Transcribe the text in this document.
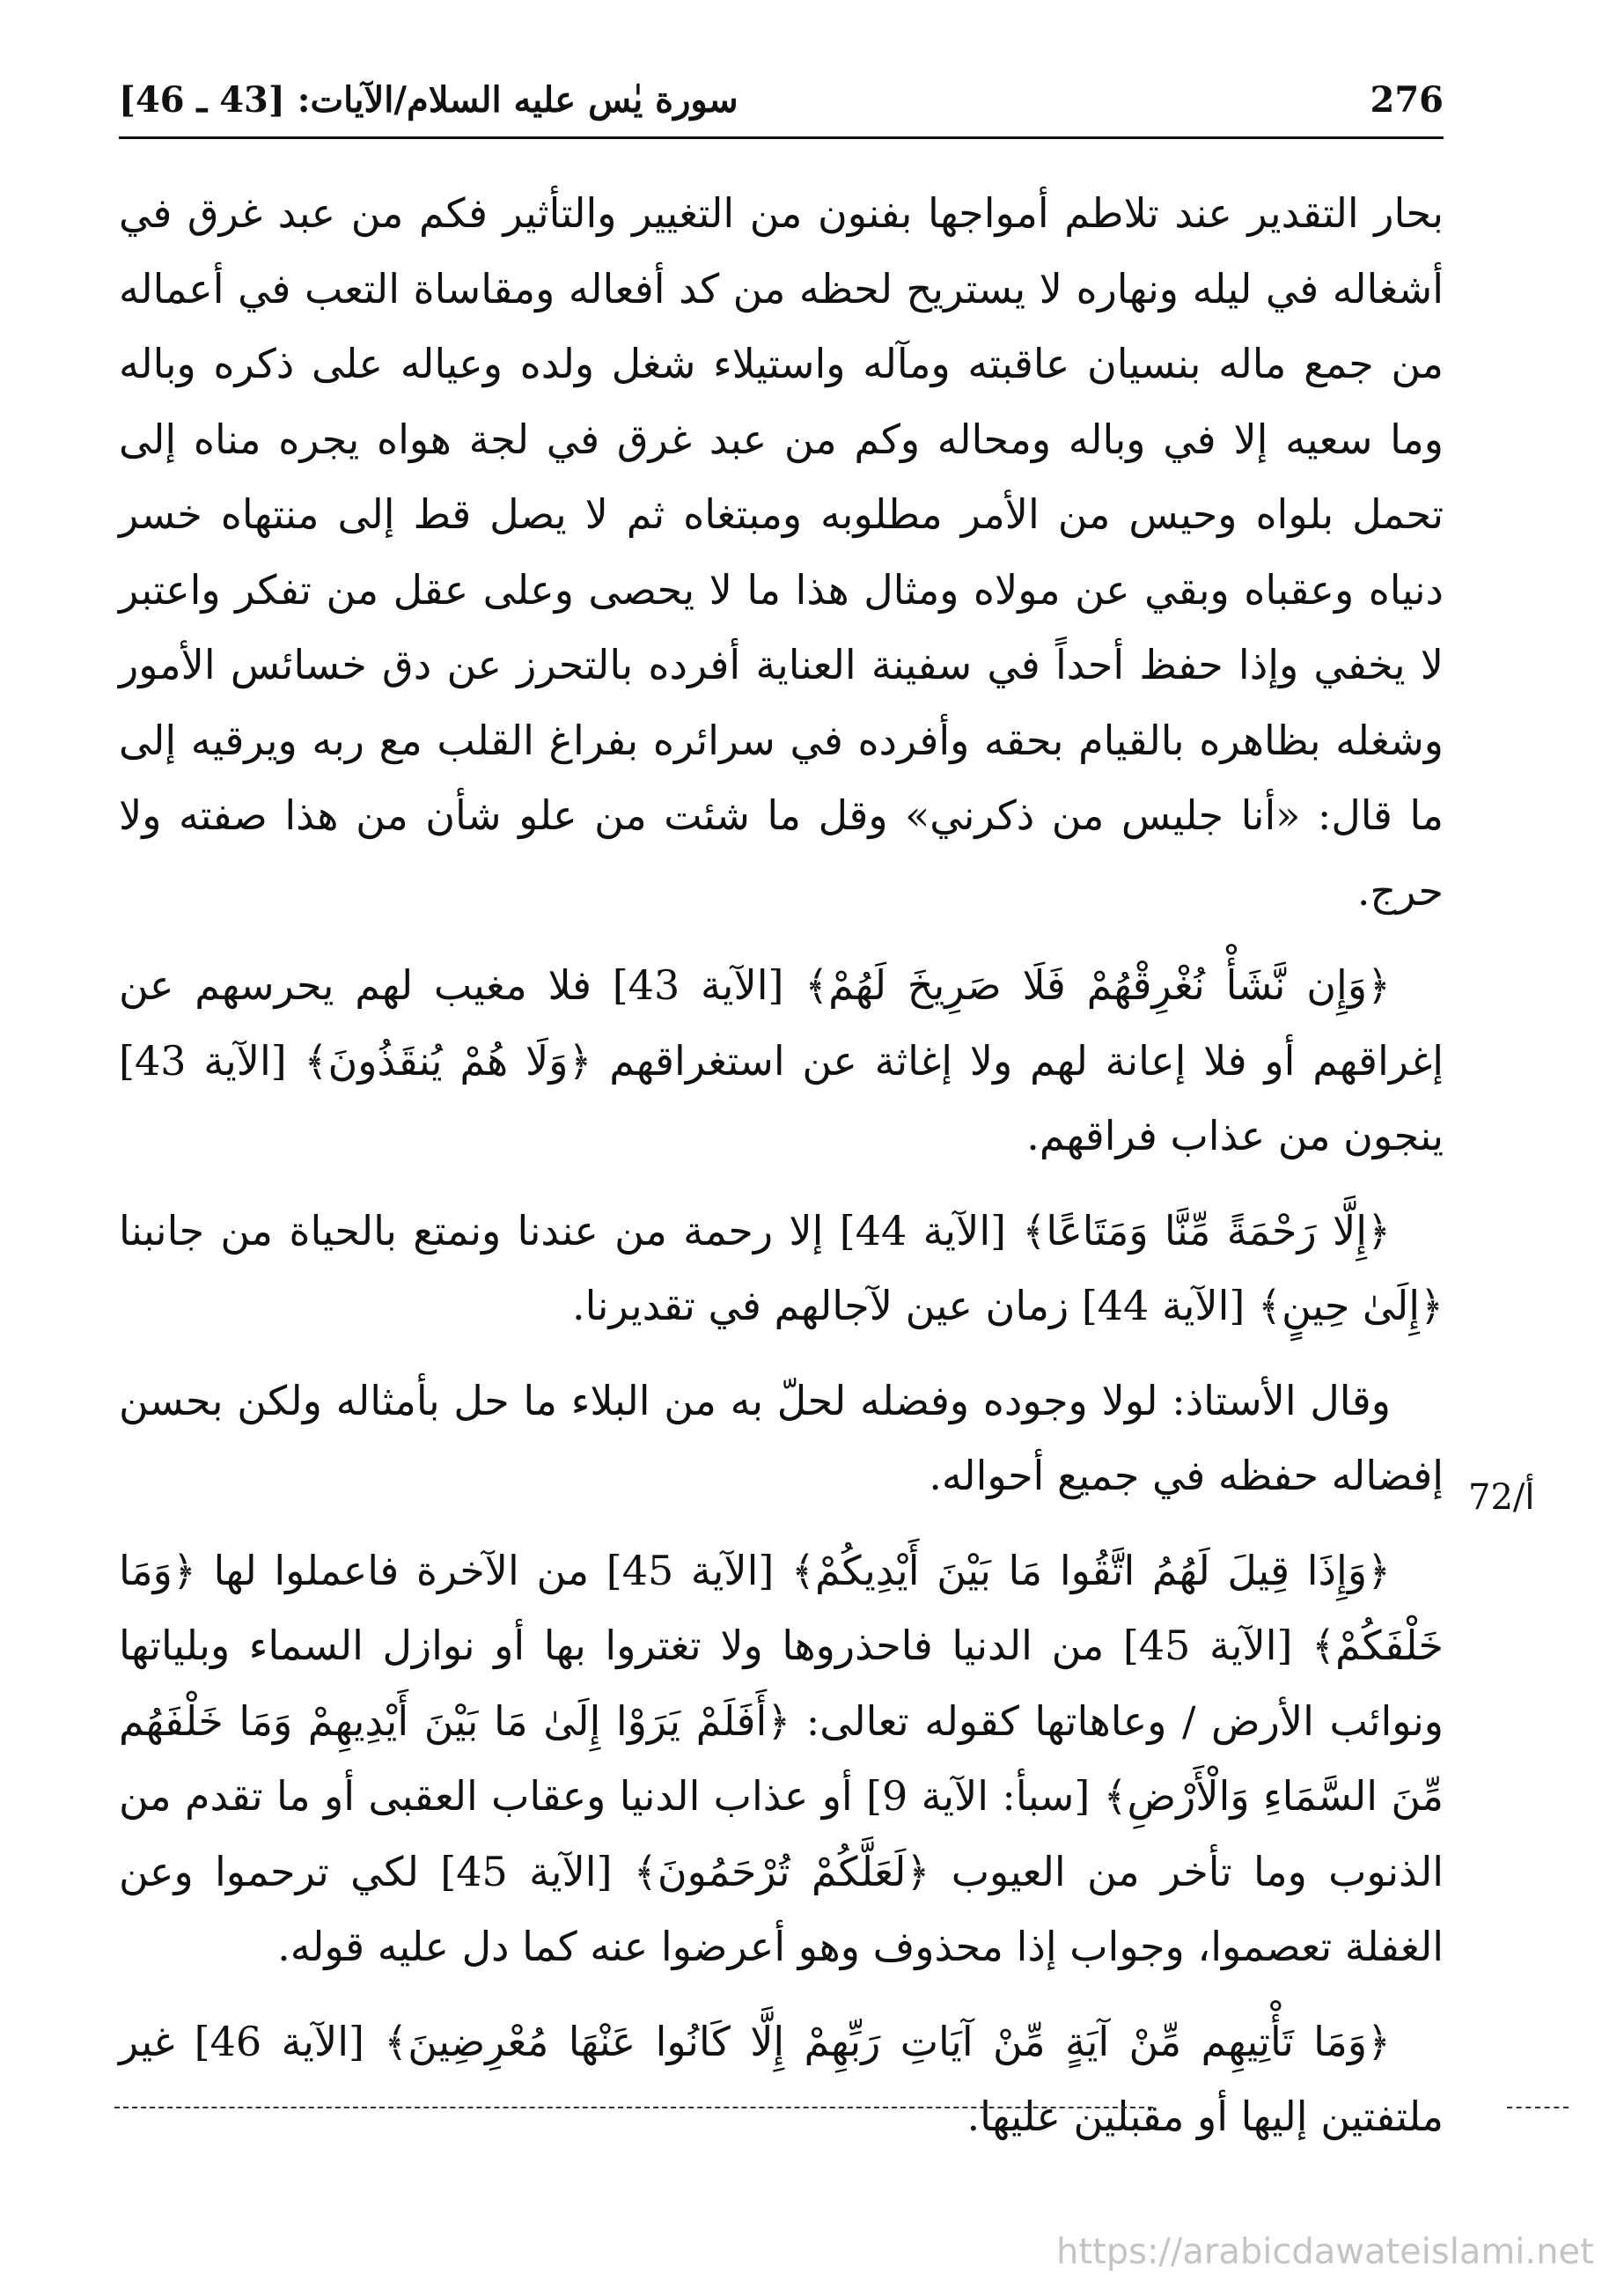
276
سورة يٰس عليه السلام/الآيات: [43 ـ 46]

بحار التقدير عند تلاطم أمواجها بفنون من التغيير والتأثير فكم من عبد غرق في أشغاله في ليله ونهاره لا يستريح لحظه من كد أفعاله ومقاساة التعب في أعماله من جمع ماله بنسيان عاقبته ومآله واستيلاء شغل ولده وعياله على ذكره وباله وما سعيه إلا في وباله ومحاله وكم من عبد غرق في لجة هواه يجره مناه إلى تحمل بلواه وحيس من الأمر مطلوبه ومبتغاه ثم لا يصل قط إلى منتهاه خسر دنياه وعقباه وبقي عن مولاه ومثال هذا ما لا يحصى وعلى عقل من تفكر واعتبر لا يخفي وإذا حفظ أحداً في سفينة العناية أفرده بالتحرز عن دق خسائس الأمور وشغله بظاهره بالقيام بحقه وأفرده في سرائره بفراغ القلب مع ربه ويرقيه إلى ما قال: «أنا جليس من ذكرني» وقل ما شئت من علو شأن من هذا صفته ولا حرج.

﴿وَإِن نَّشَأْ نُغْرِقْهُمْ فَلَا صَرِيخَ لَهُمْ﴾ [الآية 43] فلا مغيب لهم يحرسهم عن إغراقهم أو فلا إعانة لهم ولا إغاثة عن استغراقهم ﴿وَلَا هُمْ يُنقَذُونَ﴾ [الآية 43] ينجون من عذاب فراقهم.

﴿إِلَّا رَحْمَةً مِّنَّا وَمَتَاعًا﴾ [الآية 44] إلا رحمة من عندنا ونمتع بالحياة من جانبنا ﴿إِلَىٰ حِينٍ﴾ [الآية 44] زمان عين لآجالهم في تقديرنا.

وقال الأستاذ: لولا وجوده وفضله لحلّ به من البلاء ما حل بأمثاله ولكن بحسن إفضاله حفظه في جميع أحواله.

﴿وَإِذَا قِيلَ لَهُمُ اتَّقُوا مَا بَيْنَ أَيْدِيكُمْ﴾ [الآية 45] من الآخرة فاعملوا لها ﴿وَمَا خَلْفَكُمْ﴾ [الآية 45] من الدنيا فاحذروها ولا تغتروا بها أو نوازل السماء وبلياتها ونوائب الأرض / وعاهاتها كقوله تعالى: ﴿أَفَلَمْ يَرَوْا إِلَىٰ مَا بَيْنَ أَيْدِيهِمْ وَمَا خَلْفَهُم مِّنَ السَّمَاءِ وَالْأَرْضِ﴾ [سبأ: الآية 9] أو عذاب الدنيا وعقاب العقبى أو ما تقدم من الذنوب وما تأخر من العيوب ﴿لَعَلَّكُمْ تُرْحَمُونَ﴾ [الآية 45] لكي ترحموا وعن الغفلة تعصموا، وجواب إذا محذوف وهو أعرضوا عنه كما دل عليه قوله.

﴿وَمَا تَأْتِيهِم مِّنْ آيَةٍ مِّنْ آيَاتِ رَبِّهِمْ إِلَّا كَانُوا عَنْهَا مُعْرِضِينَ﴾ [الآية 46] غير ملتفتين إليها أو مقبلين عليها.

72/أ
https://arabicdawateislami.net
